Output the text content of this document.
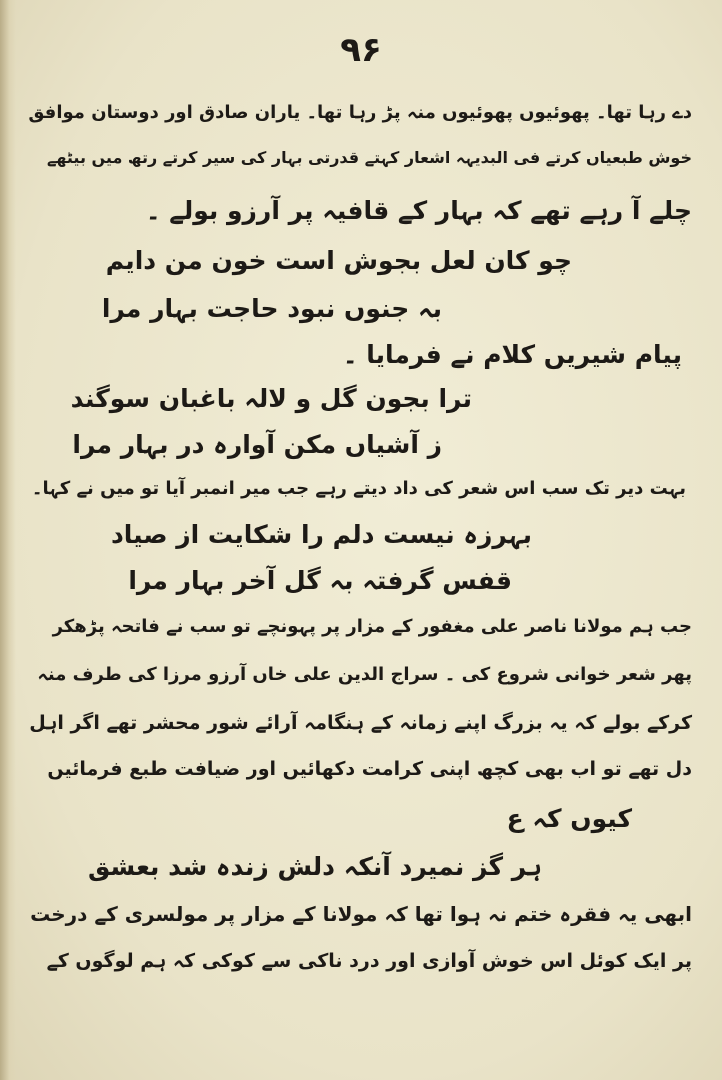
۹۶
دے رہا تھا۔ پھوئیوں پھوئیوں منہ پڑ رہا تھا۔ یاران صادق اور دوستان موافق
خوش طبعیاں کرتے فی البدیہہ اشعار کہتے قدرتی بہار کی سیر کرتے رتھ میں بیٹھے
چلے آ رہے تھے کہ بہار کے قافیہ پر آرزو بولے ۔
چو کان لعل بجوش است خون من دایم
بہ جنوں نبود حاجت بہار مرا
پیام شیریں کلام نے فرمایا ۔
ترا بجون گل و لالہ باغبان سوگند
ز آشیاں مکن آوارہ در بہار مرا
بہت دیر تک سب اس شعر کی داد دیتے رہے جب میر انمبر آیا تو میں نے کہا۔
بہرزہ نیست دلم را شکایت از صیاد
قفس گرفتہ بہ گل آخر بہار مرا
جب ہم مولانا ناصر علی مغفور کے مزار پر پہونچے تو سب نے فاتحہ پڑھکر
پھر شعر خوانی شروع کی ۔ سراج الدین علی خاں آرزو مرزا کی طرف منہ
کرکے بولے کہ یہ بزرگ اپنے زمانہ کے ہنگامہ آرائے شور محشر تھے اگر اہل
دل تھے تو اب بھی کچھ اپنی کرامت دکھائیں اور ضیافت طبع فرمائیں
کیوں کہ ع
ہر گز نمیرد آنکہ دلش زندہ شد بعشق
ابھی یہ فقرہ ختم نہ ہوا تھا کہ مولانا کے مزار پر مولسری کے درخت
پر ایک کوئل اس خوش آوازی اور درد ناکی سے کوکی کہ ہم لوگوں کے
